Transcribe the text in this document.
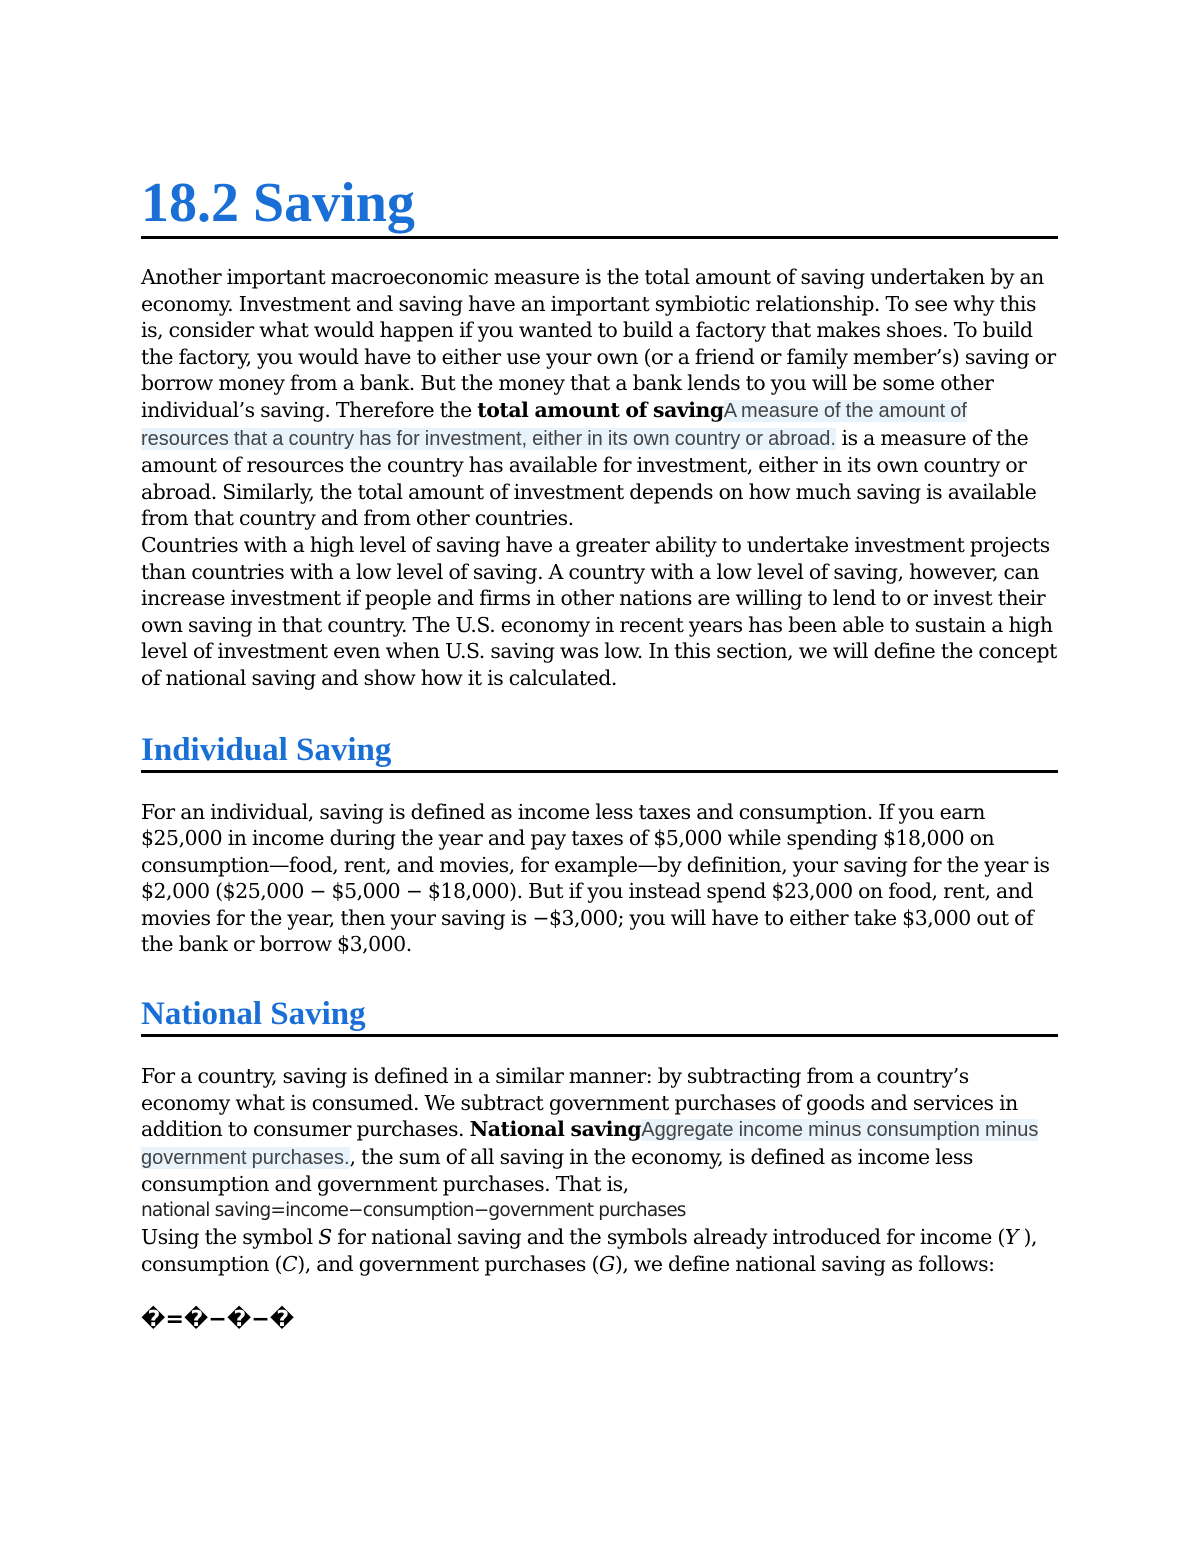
18.2 Saving

Another important macroeconomic measure is the total amount of saving undertaken by an economy. Investment and saving have an important symbiotic relationship. To see why this is, consider what would happen if you wanted to build a factory that makes shoes. To build the factory, you would have to either use your own (or a friend or family member’s) saving or borrow money from a bank. But the money that a bank lends to you will be some other individual’s saving. Therefore the total amount of savingA measure of the amount of resources that a country has for investment, either in its own country or abroad. is a measure of the amount of resources the country has available for investment, either in its own country or abroad. Similarly, the total amount of investment depends on how much saving is available from that country and from other countries.

Countries with a high level of saving have a greater ability to undertake investment projects than countries with a low level of saving. A country with a low level of saving, however, can increase investment if people and firms in other nations are willing to lend to or invest their own saving in that country. The U.S. economy in recent years has been able to sustain a high level of investment even when U.S. saving was low. In this section, we will define the concept of national saving and show how it is calculated.

Individual Saving

For an individual, saving is defined as income less taxes and consumption. If you earn $25,000 in income during the year and pay taxes of $5,000 while spending $18,000 on consumption—food, rent, and movies, for example—by definition, your saving for the year is $2,000 ($25,000 − $5,000 − $18,000). But if you instead spend $23,000 on food, rent, and movies for the year, then your saving is −$3,000; you will have to either take $3,000 out of the bank or borrow $3,000.

National Saving

For a country, saving is defined in a similar manner: by subtracting from a country’s economy what is consumed. We subtract government purchases of goods and services in addition to consumer purchases. National savingAggregate income minus consumption minus government purchases., the sum of all saving in the economy, is defined as income less consumption and government purchases. That is,

national saving=income−consumption−government purchases

Using the symbol S for national saving and the symbols already introduced for income (Y ), consumption (C), and government purchases (G), we define national saving as follows:

�=�−�−�
